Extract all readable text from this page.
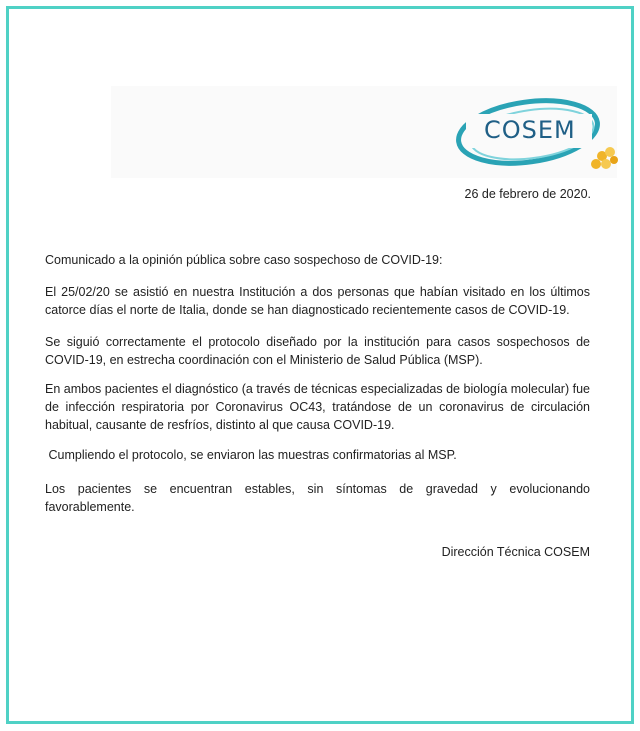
COSEM
26 de febrero de 2020.
Comunicado a la opinión pública sobre caso sospechoso de COVID-19:
El 25/02/20 se asistió en nuestra Institución a dos personas que habían visitado en los últimos catorce días el norte de Italia, donde se han diagnosticado recientemente casos de COVID-19.
Se siguió correctamente el protocolo diseñado por la institución para casos sospechosos de COVID-19, en estrecha coordinación con el Ministerio de Salud Pública (MSP).
En ambos pacientes el diagnóstico (a través de técnicas especializadas de biología molecular) fue de infección respiratoria por Coronavirus OC43, tratándose de un coronavirus de circulación habitual, causante de resfríos, distinto al que causa COVID-19.
Cumpliendo el protocolo, se enviaron las muestras confirmatorias al MSP.
Los pacientes se encuentran estables, sin síntomas de gravedad y evolucionando favorablemente.
Dirección Técnica COSEM
